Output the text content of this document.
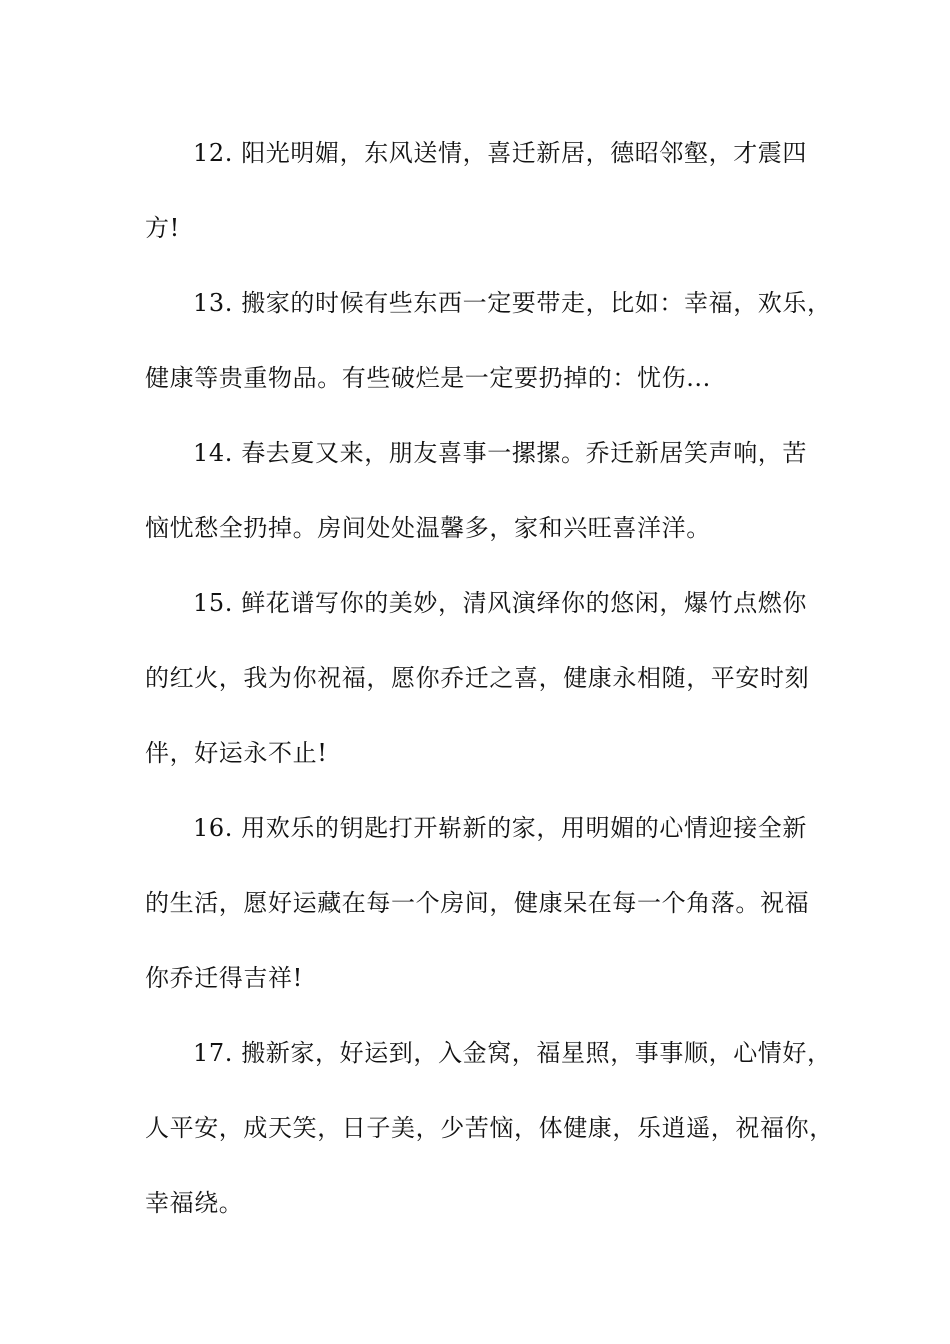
12. 阳光明媚，东风送情，喜迁新居，德昭邻壑，才震四
方!
13. 搬家的时候有些东西一定要带走，比如：幸福，欢乐，
健康等贵重物品。有些破烂是一定要扔掉的：忧伤...
14. 春去夏又来，朋友喜事一摞摞。乔迁新居笑声响，苦
恼忧愁全扔掉。房间处处温馨多，家和兴旺喜洋洋。
15. 鲜花谱写你的美妙，清风演绎你的悠闲，爆竹点燃你
的红火，我为你祝福，愿你乔迁之喜，健康永相随，平安时刻
伴，好运永不止!
16. 用欢乐的钥匙打开崭新的家，用明媚的心情迎接全新
的生活，愿好运藏在每一个房间，健康呆在每一个角落。祝福
你乔迁得吉祥!
17. 搬新家，好运到，入金窝，福星照，事事顺，心情好，
人平安，成天笑，日子美，少苦恼，体健康，乐逍遥，祝福你，
幸福绕。
